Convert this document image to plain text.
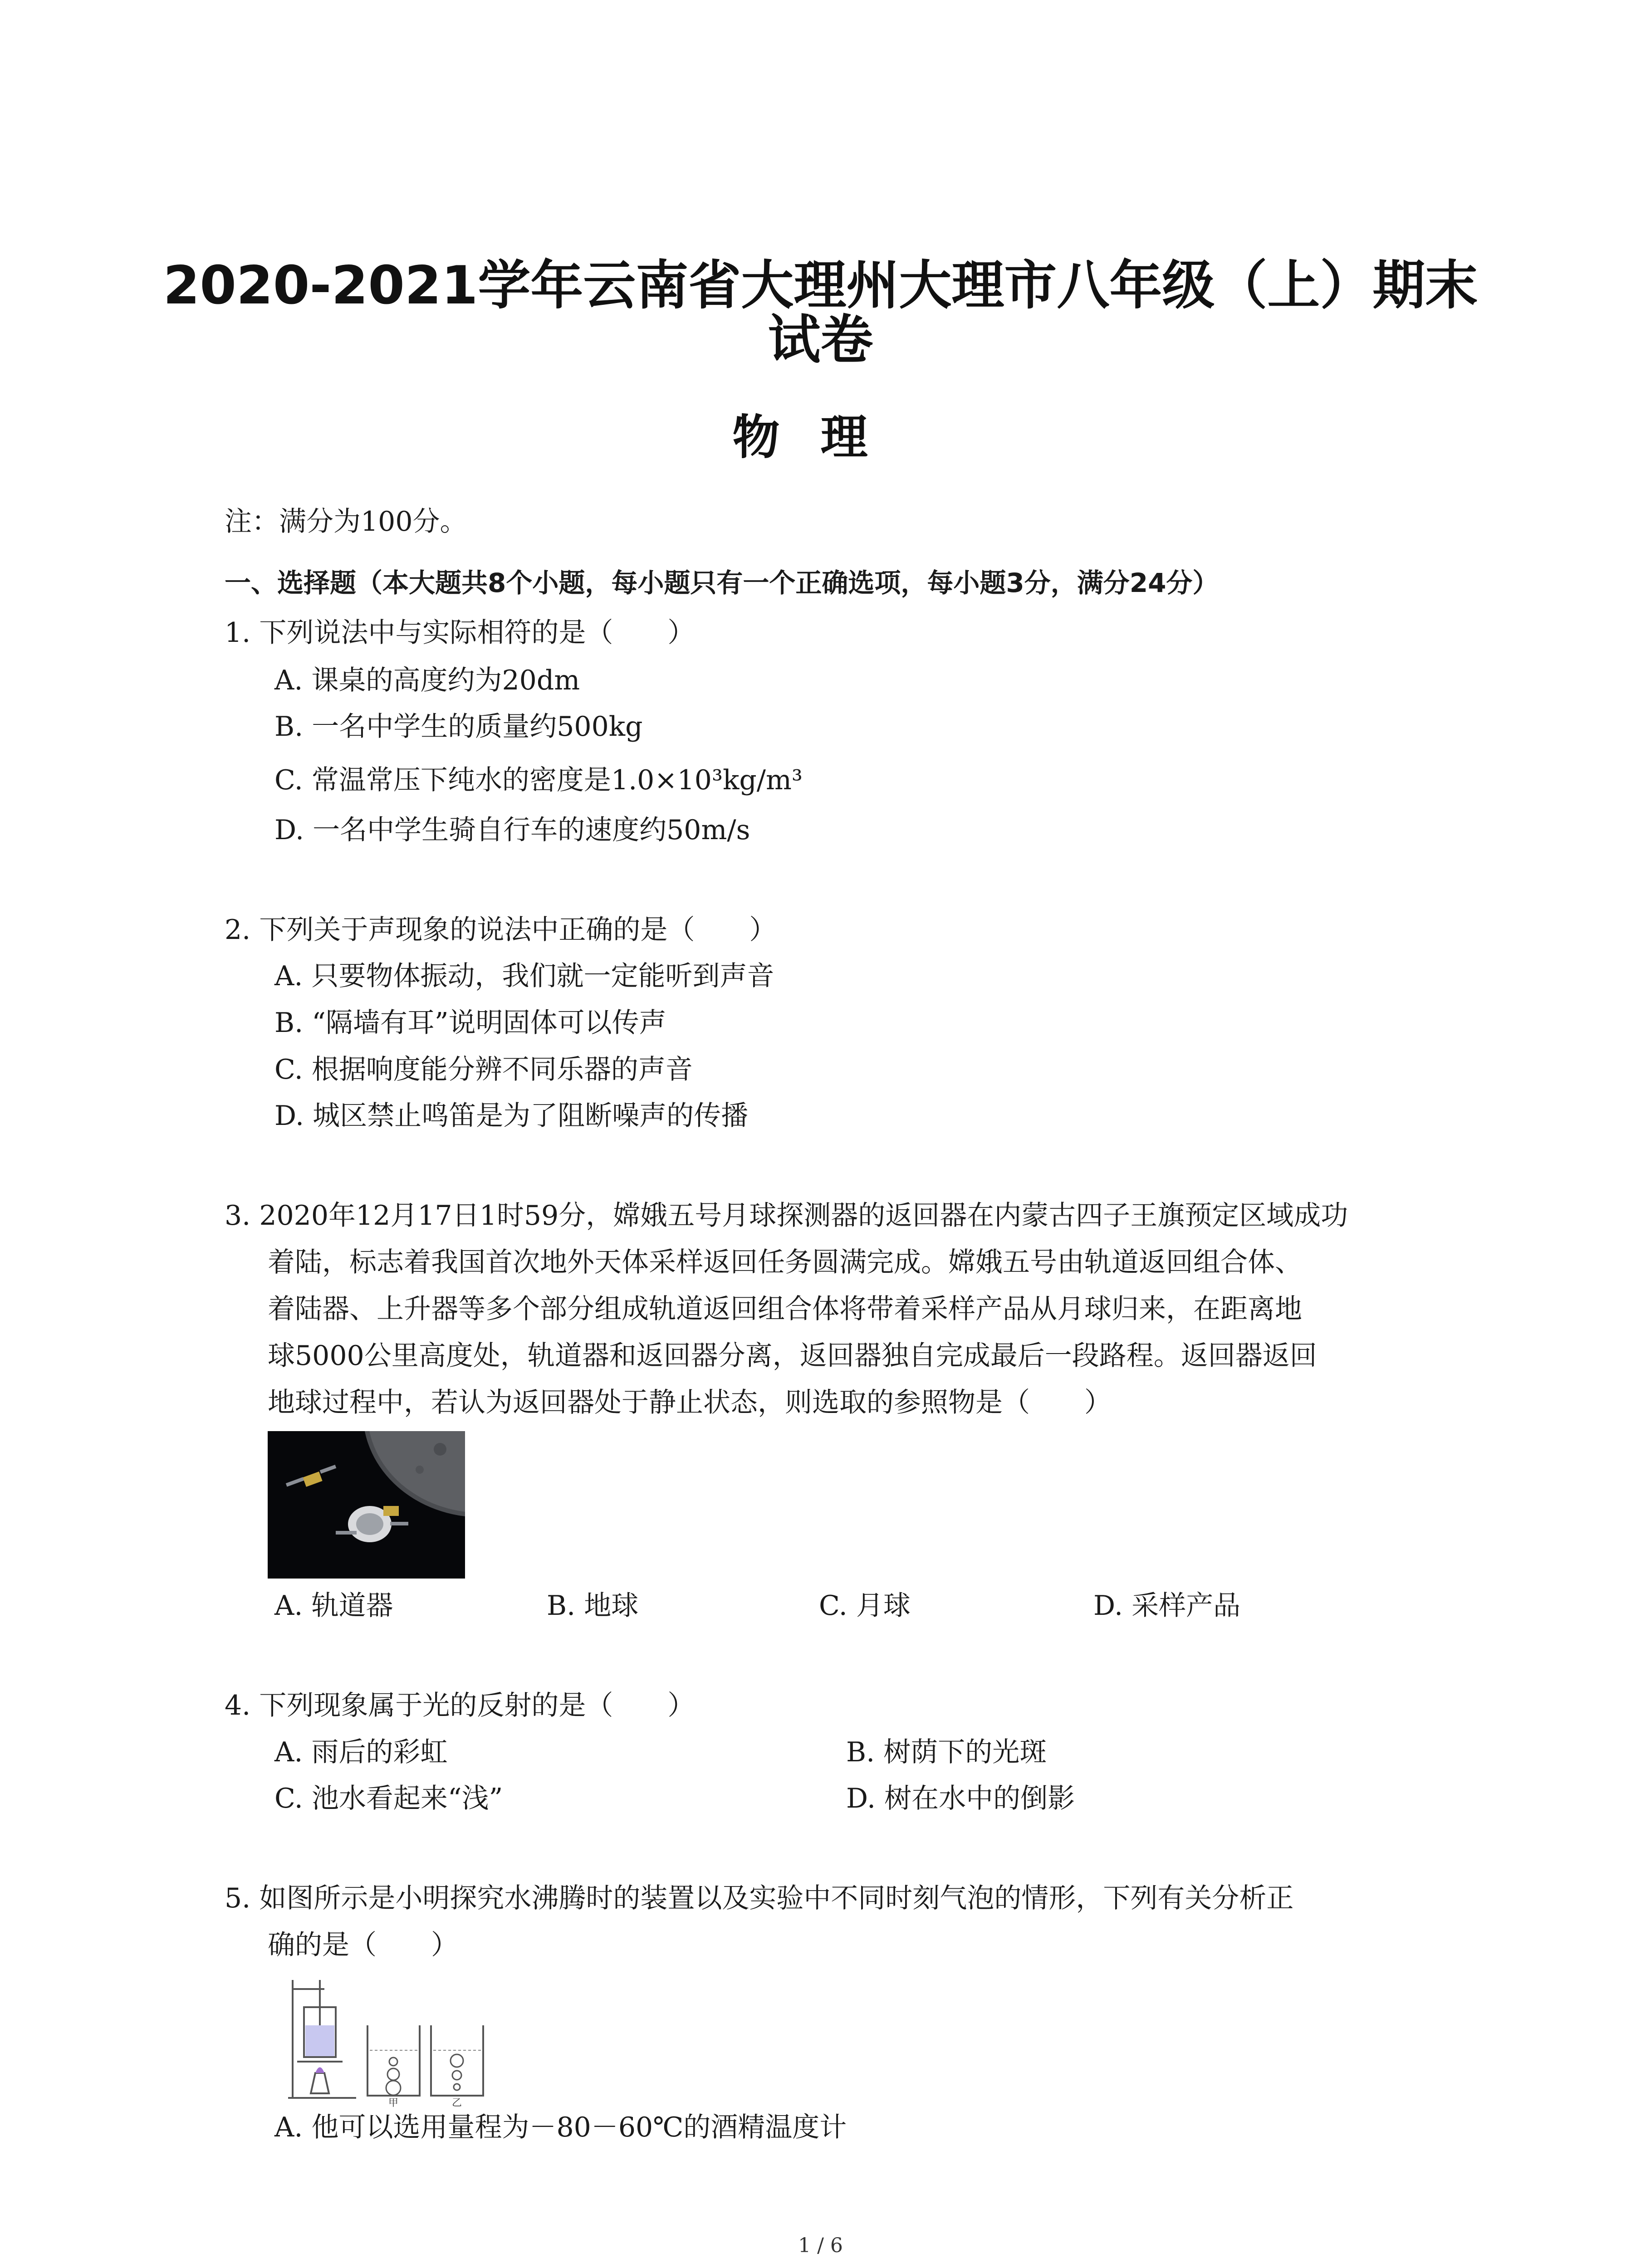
2020-2021学年云南省大理州大理市八年级（上）期末
试卷
物理
注：满分为100分。
一、选择题（本大题共8个小题，每小题只有一个正确选项，每小题3分，满分24分）
1. 下列说法中与实际相符的是（　　）
A. 课桌的高度约为20dm
B. 一名中学生的质量约500kg
C. 常温常压下纯水的密度是1.0×10³kg/m³
D. 一名中学生骑自行车的速度约50m/s
2. 下列关于声现象的说法中正确的是（　　）
A. 只要物体振动，我们就一定能听到声音
B. “隔墙有耳”说明固体可以传声
C. 根据响度能分辨不同乐器的声音
D. 城区禁止鸣笛是为了阻断噪声的传播
3. 2020年12月17日1时59分，嫦娥五号月球探测器的返回器在内蒙古四子王旗预定区域成功
着陆，标志着我国首次地外天体采样返回任务圆满完成。嫦娥五号由轨道返回组合体、
着陆器、上升器等多个部分组成轨道返回组合体将带着采样产品从月球归来，在距离地
球5000公里高度处，轨道器和返回器分离，返回器独自完成最后一段路程。返回器返回
地球过程中，若认为返回器处于静止状态，则选取的参照物是（　　）
A. 轨道器	B. 地球	C. 月球	D. 采样产品
4. 下列现象属于光的反射的是（　　）
A. 雨后的彩虹	B. 树荫下的光斑
C. 池水看起来“浅”	D. 树在水中的倒影
5. 如图所示是小明探究水沸腾时的装置以及实验中不同时刻气泡的情形，下列有关分析正
确的是（　　）
甲	乙
A. 他可以选用量程为－80－60℃的酒精温度计
1 / 6
